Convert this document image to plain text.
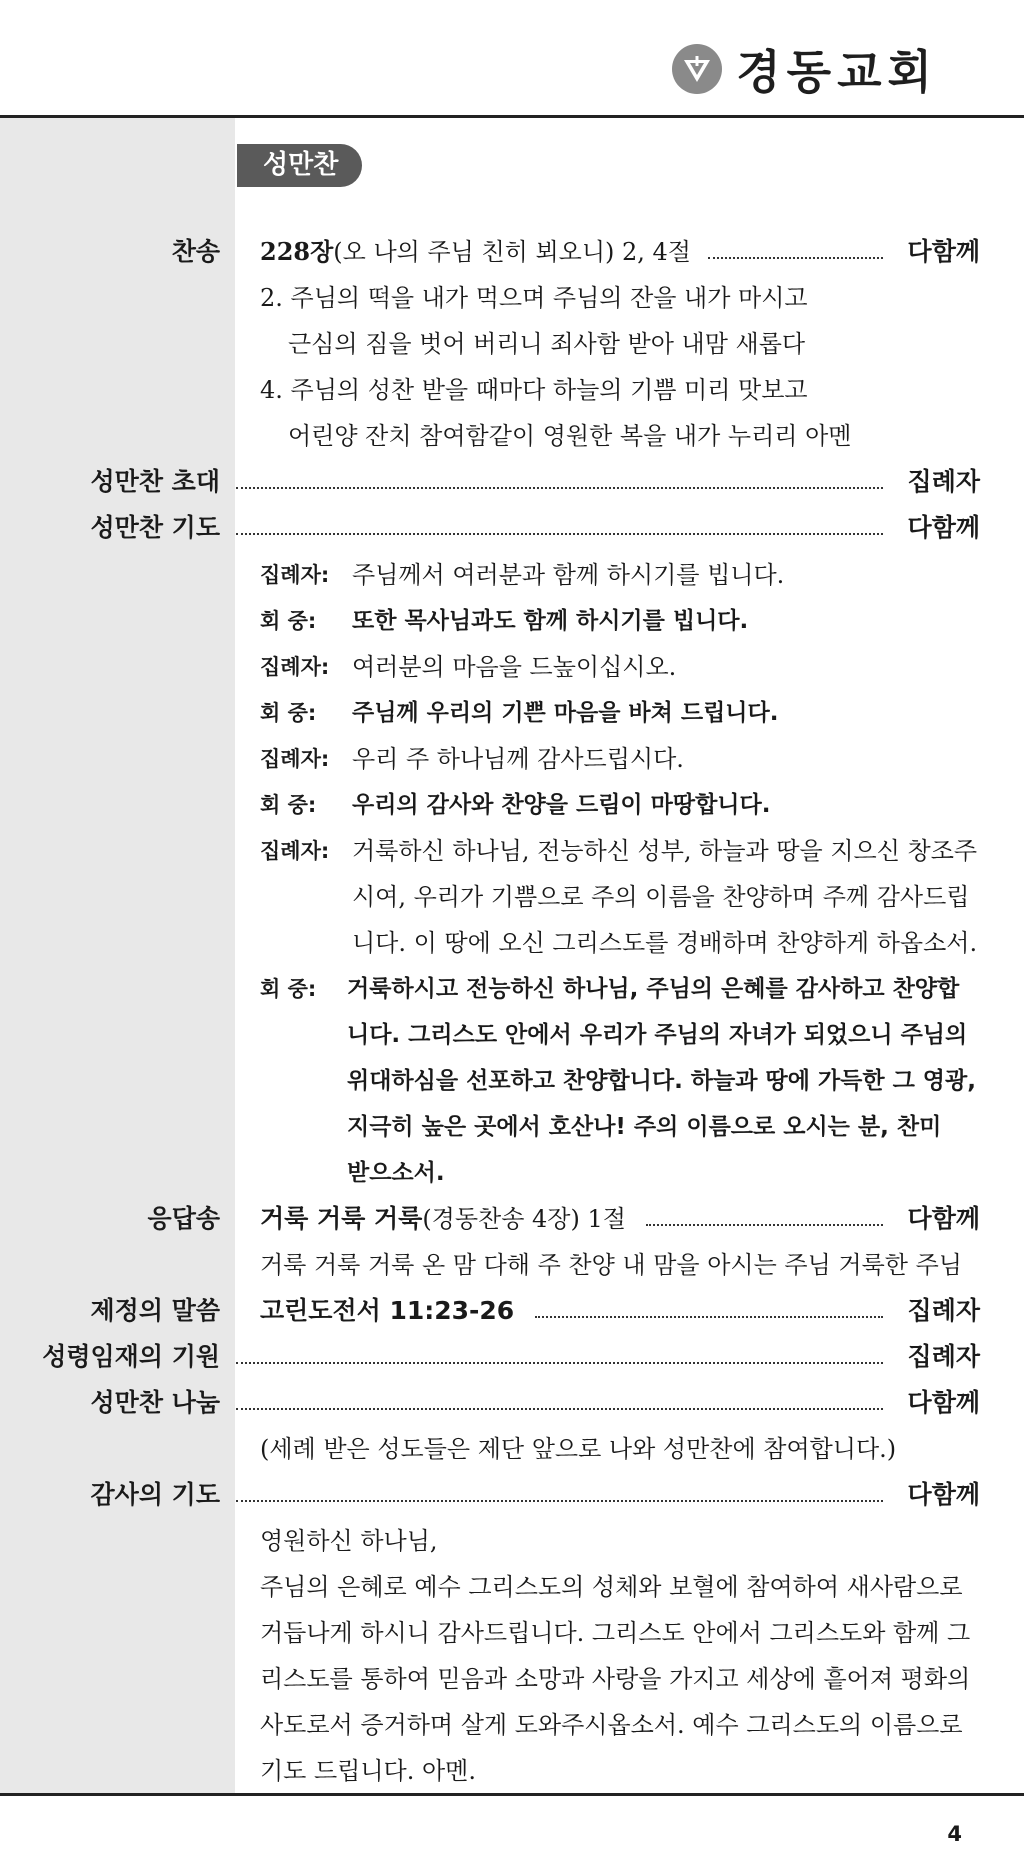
경동교회
성만찬
찬송 228장(오 나의 주님 친히 뵈오니) 2, 4절	다함께
2. 주님의 떡을 내가 먹으며 주님의 잔을 내가 마시고
근심의 짐을 벗어 버리니 죄사함 받아 내맘 새롭다
4. 주님의 성찬 받을 때마다 하늘의 기쁨 미리 맛보고
어린양 잔치 참여함같이 영원한 복을 내가 누리리 아멘
성만찬 초대	집례자
성만찬 기도	다함께
집례자: 주님께서 여러분과 함께 하시기를 빕니다.
회 중: 또한 목사님과도 함께 하시기를 빕니다.
집례자: 여러분의 마음을 드높이십시오.
회 중: 주님께 우리의 기쁜 마음을 바쳐 드립니다.
집례자: 우리 주 하나님께 감사드립시다.
회 중: 우리의 감사와 찬양을 드림이 마땅합니다.
집례자: 거룩하신 하나님, 전능하신 성부, 하늘과 땅을 지으신 창조주
시여, 우리가 기쁨으로 주의 이름을 찬양하며 주께 감사드립
니다. 이 땅에 오신 그리스도를 경배하며 찬양하게 하옵소서.
회 중: 거룩하시고 전능하신 하나님, 주님의 은혜를 감사하고 찬양합
니다. 그리스도 안에서 우리가 주님의 자녀가 되었으니 주님의
위대하심을 선포하고 찬양합니다. 하늘과 땅에 가득한 그 영광,
지극히 높은 곳에서 호산나! 주의 이름으로 오시는 분, 찬미
받으소서.
응답송 거룩 거룩 거룩(경동찬송 4장) 1절	다함께
거룩 거룩 거룩 온 맘 다해 주 찬양 내 맘을 아시는 주님 거룩한 주님
제정의 말씀 고린도전서 11:23-26	집례자
성령임재의 기원	집례자
성만찬 나눔	다함께
(세례 받은 성도들은 제단 앞으로 나와 성만찬에 참여합니다.)
감사의 기도	다함께
영원하신 하나님,
주님의 은혜로 예수 그리스도의 성체와 보혈에 참여하여 새사람으로
거듭나게 하시니 감사드립니다. 그리스도 안에서 그리스도와 함께 그
리스도를 통하여 믿음과 소망과 사랑을 가지고 세상에 흩어져 평화의
사도로서 증거하며 살게 도와주시옵소서. 예수 그리스도의 이름으로
기도 드립니다. 아멘.
4
